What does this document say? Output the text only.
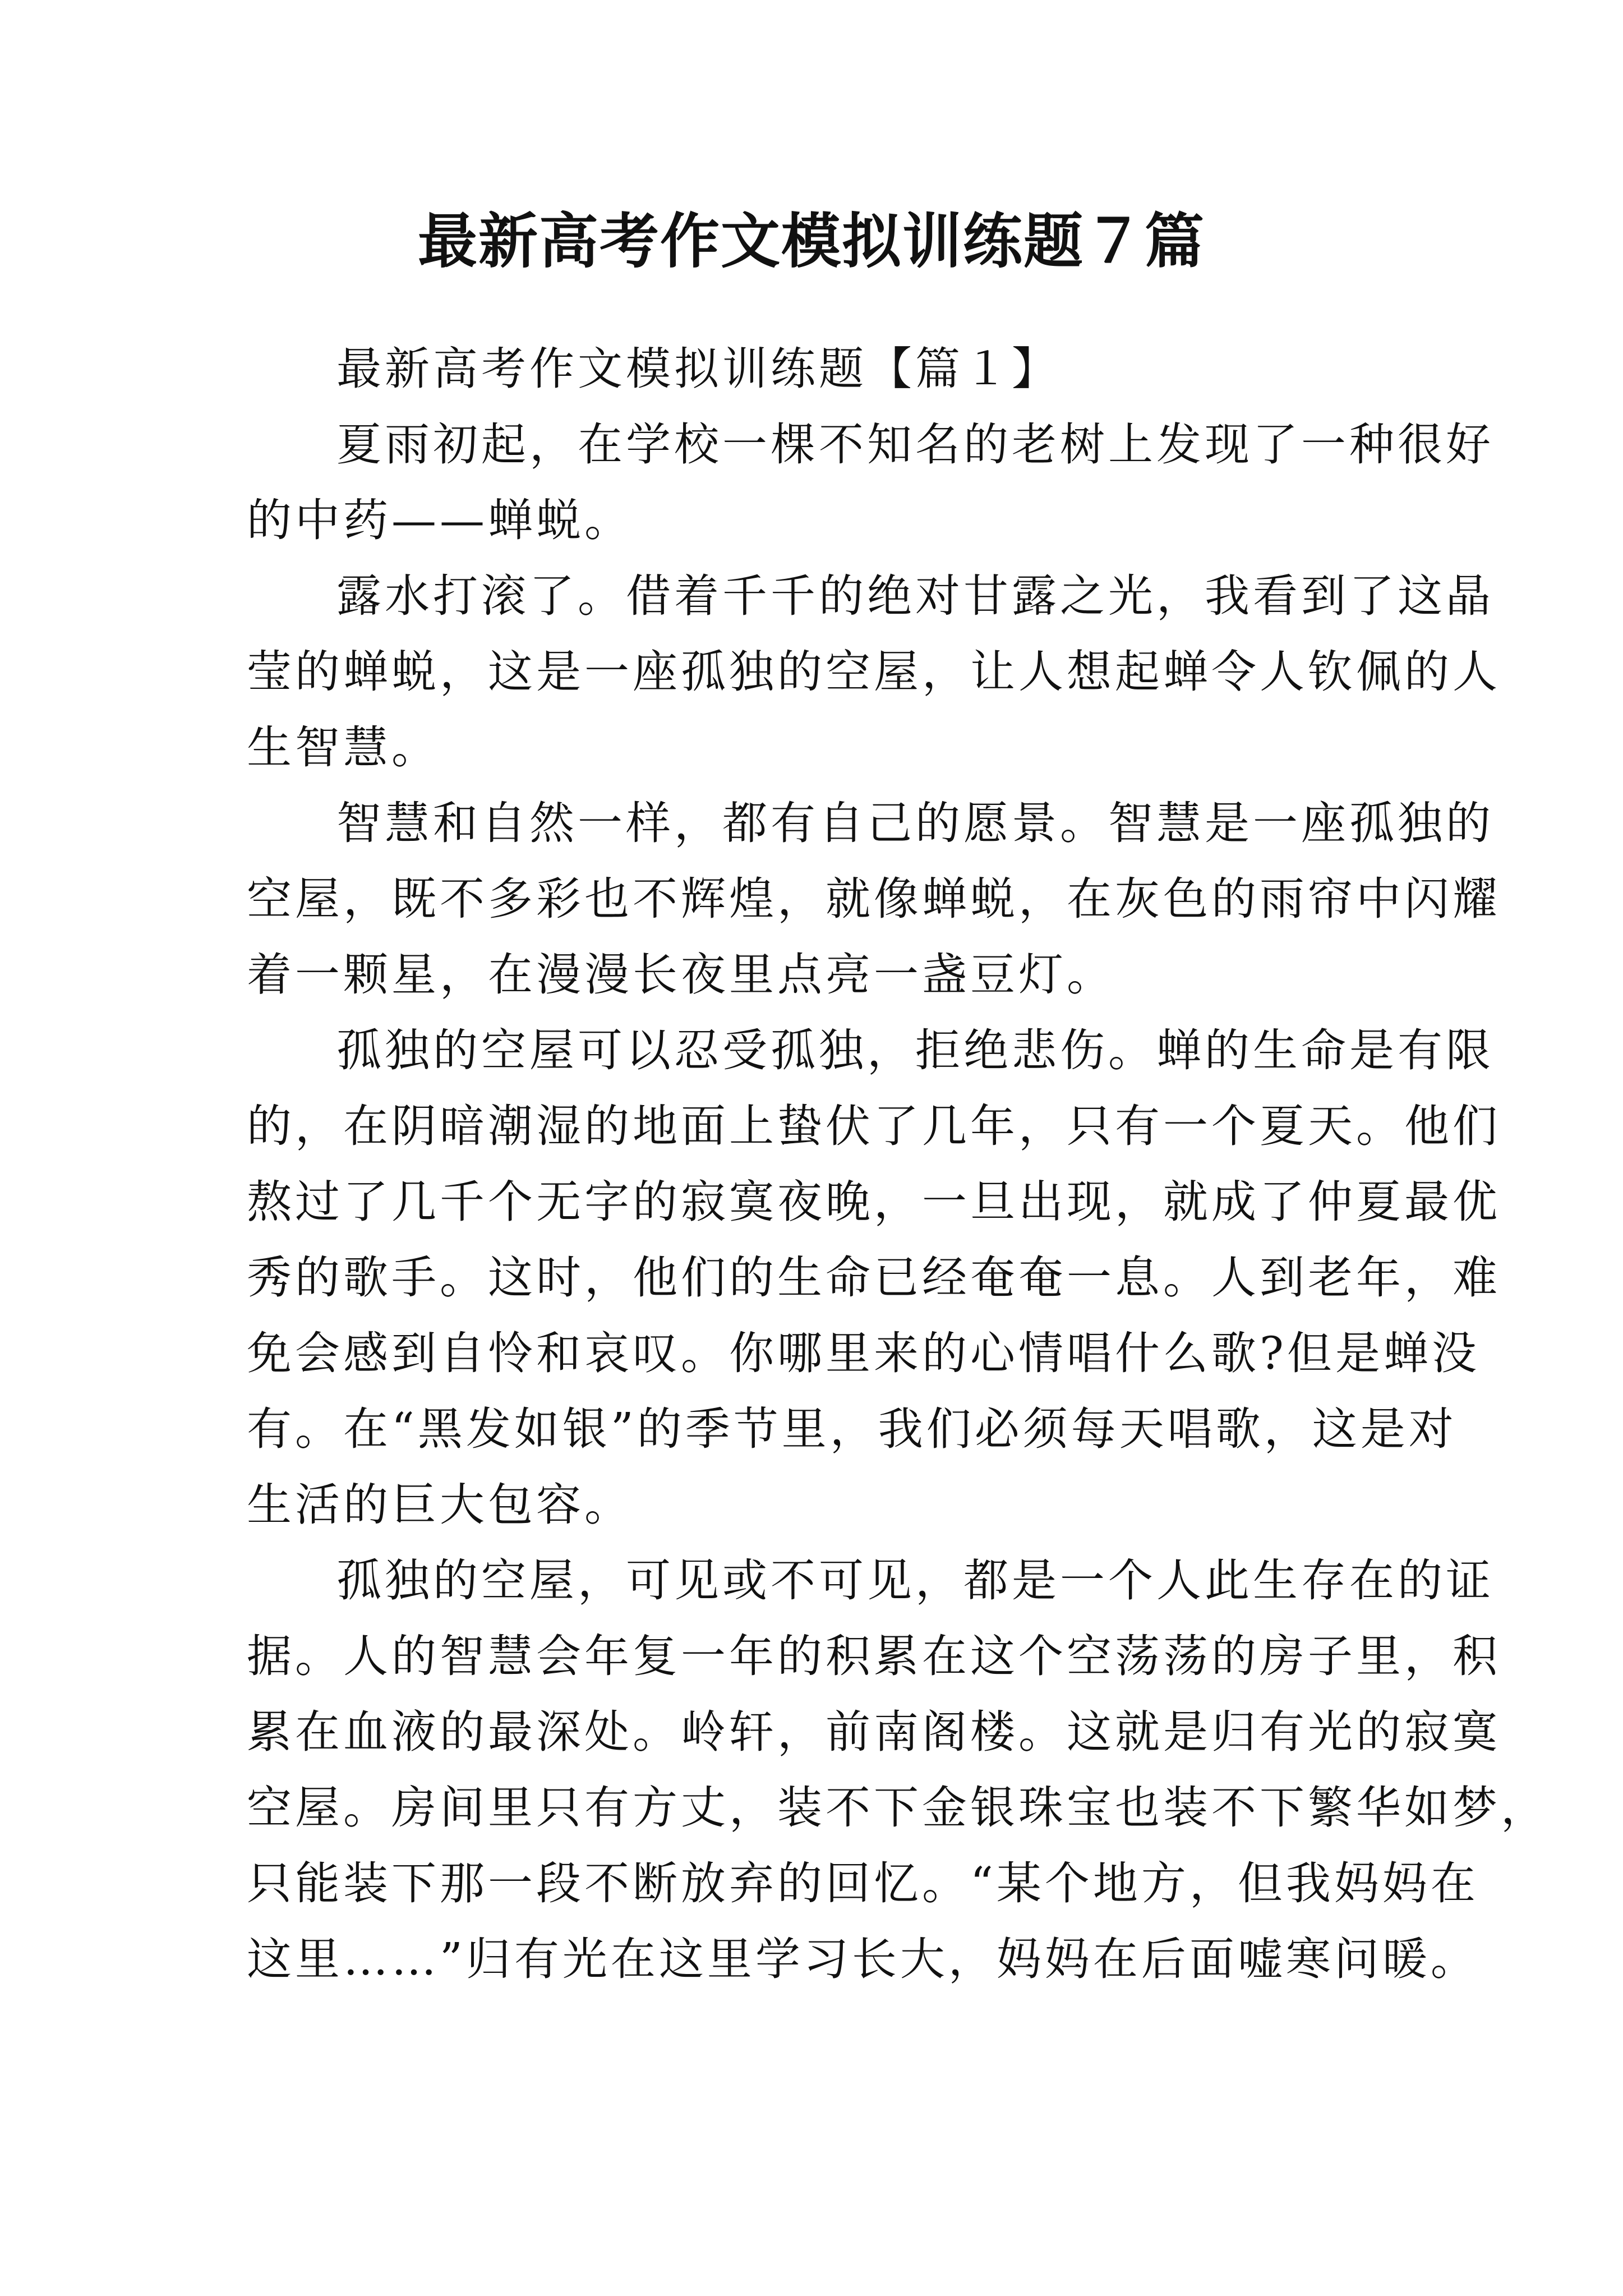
最新高考作文模拟训练题７篇

最新高考作文模拟训练题【篇１】

夏雨初起，在学校一棵不知名的老树上发现了一种很好
的中药——蝉蜕。

露水打滚了。借着千千的绝对甘露之光，我看到了这晶
莹的蝉蜕，这是一座孤独的空屋，让人想起蝉令人钦佩的人
生智慧。

智慧和自然一样，都有自己的愿景。智慧是一座孤独的
空屋，既不多彩也不辉煌，就像蝉蜕，在灰色的雨帘中闪耀
着一颗星，在漫漫长夜里点亮一盏豆灯。

孤独的空屋可以忍受孤独，拒绝悲伤。蝉的生命是有限
的，在阴暗潮湿的地面上蛰伏了几年，只有一个夏天。他们
熬过了几千个无字的寂寞夜晚，一旦出现，就成了仲夏最优
秀的歌手。这时，他们的生命已经奄奄一息。人到老年，难
免会感到自怜和哀叹。你哪里来的心情唱什么歌?但是蝉没
有。在“黑发如银”的季节里，我们必须每天唱歌，这是对
生活的巨大包容。

孤独的空屋，可见或不可见，都是一个人此生存在的证
据。人的智慧会年复一年的积累在这个空荡荡的房子里，积
累在血液的最深处。岭轩，前南阁楼。这就是归有光的寂寞
空屋。房间里只有方丈，装不下金银珠宝也装不下繁华如梦，
只能装下那一段不断放弃的回忆。“某个地方，但我妈妈在
这里……”归有光在这里学习长大，妈妈在后面嘘寒问暖。
